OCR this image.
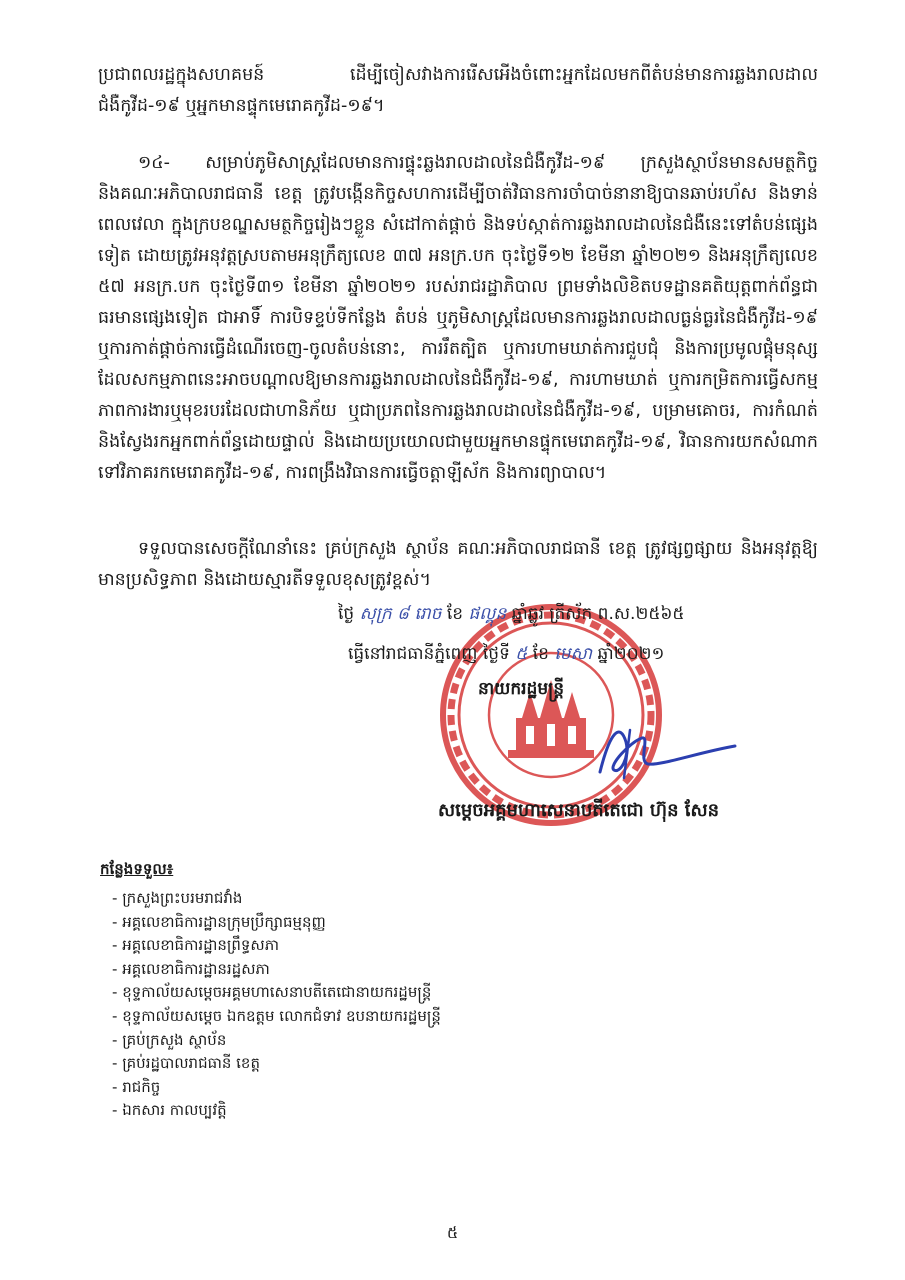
ប្រជាពលរដ្ឋក្នុងសហគមន៍ ដើម្បីចៀសវាងការរើសអើងចំពោះអ្នកដែលមកពីតំបន់មានការឆ្លងរាលដាល ជំងឺកូវីដ-១៩ ឬអ្នកមានផ្ទុកមេរោគកូវីដ-១៩។
១៤- សម្រាប់ភូមិសាស្ត្រដែលមានការផ្ទុះឆ្លងរាលដាលនៃជំងឺកូវីដ-១៩ ក្រសួងស្ថាប័នមានសមត្ថកិច្ច និងគណៈអភិបាលរាជធានី ខេត្ត ត្រូវបង្កើនកិច្ចសហការដើម្បីចាត់វិធានការចាំបាច់នានាឱ្យបានឆាប់រហ័ស និងទាន់ពេលវេលា ក្នុងក្របខណ្ឌសមត្ថកិច្ចរៀងៗខ្លួន សំដៅកាត់ផ្តាច់ និងទប់ស្កាត់ការឆ្លងរាលដាលនៃជំងឺនេះទៅតំបន់ផ្សេងទៀត ដោយត្រូវអនុវត្តស្របតាមអនុក្រឹត្យលេខ ៣៧ អនក្រ.បក ចុះថ្ងៃទី១២ ខែមីនា ឆ្នាំ២០២១ និងអនុក្រឹត្យលេខ ៥៧ អនក្រ.បក ចុះថ្ងៃទី៣១ ខែមីនា ឆ្នាំ២០២១ របស់រាជរដ្ឋាភិបាល ព្រមទាំងលិខិតបទដ្ឋានគតិយុត្តពាក់ព័ន្ធជាធរមានផ្សេងទៀត ជាអាទិ៍ ការបិទខ្ទប់ទីកន្លែង តំបន់ ឬភូមិសាស្ត្រដែលមានការឆ្លងរាលដាលធ្ងន់ធ្ងរនៃជំងឺកូវីដ-១៩ ឬការកាត់ផ្តាច់ការធ្វើដំណើរចេញ-ចូលតំបន់នោះ, ការរឹតត្បិត ឬការហាមឃាត់ការជួបជុំ និងការប្រមូលផ្តុំមនុស្សដែលសកម្មភាពនេះអាចបណ្តាលឱ្យមានការឆ្លងរាលដាលនៃជំងឺកូវីដ-១៩, ការហាមឃាត់ ឬការកម្រិតការធ្វើសកម្មភាពការងារឬមុខរបរដែលជាហានិភ័យ ឬជាប្រភពនៃការឆ្លងរាលដាលនៃជំងឺកូវីដ-១៩, បម្រាមគោចរ, ការកំណត់និងស្វែងរកអ្នកពាក់ព័ន្ធដោយផ្ទាល់ និងដោយប្រយោលជាមួយអ្នកមានផ្ទុកមេរោគកូវីដ-១៩, វិធានការយកសំណាកទៅវិភាគរកមេរោគកូវីដ-១៩, ការពង្រឹងវិធានការធ្វើចត្តាឡីស័ក និងការព្យាបាល។
ទទួលបានសេចក្តីណែនាំនេះ គ្រប់ក្រសួង ស្ថាប័ន គណៈអភិបាលរាជធានី ខេត្ត ត្រូវផ្សព្វផ្សាយ និងអនុវត្តឱ្យមានប្រសិទ្ធភាព និងដោយស្មារតីទទួលខុសត្រូវខ្ពស់។
ថ្ងៃ សុក្រ ៨ រោច ខែ ផល្គុន ឆ្នាំឆ្លូវ ត្រីស័ក ព.ស.២៥៦៥
ធ្វើនៅរាជធានីភ្នំពេញ ថ្ងៃទី ៥ ខែ មេសា ឆ្នាំ២០២១
នាយករដ្ឋមន្ត្រី
សម្តេចអគ្គមហាសេនាបតីតេជោ ហ៊ុន សែន
កន្លែងទទួល៖
- ក្រសួងព្រះបរមរាជវាំង
- អគ្គលេខាធិការដ្ឋានក្រុមប្រឹក្សាធម្មនុញ្ញ
- អគ្គលេខាធិការដ្ឋានព្រឹទ្ធសភា
- អគ្គលេខាធិការដ្ឋានរដ្ឋសភា
- ខុទ្ទកាល័យសម្តេចអគ្គមហាសេនាបតីតេជោនាយករដ្ឋមន្ត្រី
- ខុទ្ទកាល័យសម្តេច ឯកឧត្តម លោកជំទាវ ឧបនាយករដ្ឋមន្ត្រី
- គ្រប់ក្រសួង ស្ថាប័ន
- គ្រប់រដ្ឋបាលរាជធានី ខេត្ត
- រាជកិច្ច
- ឯកសារ កាលប្បវត្តិ
៥
